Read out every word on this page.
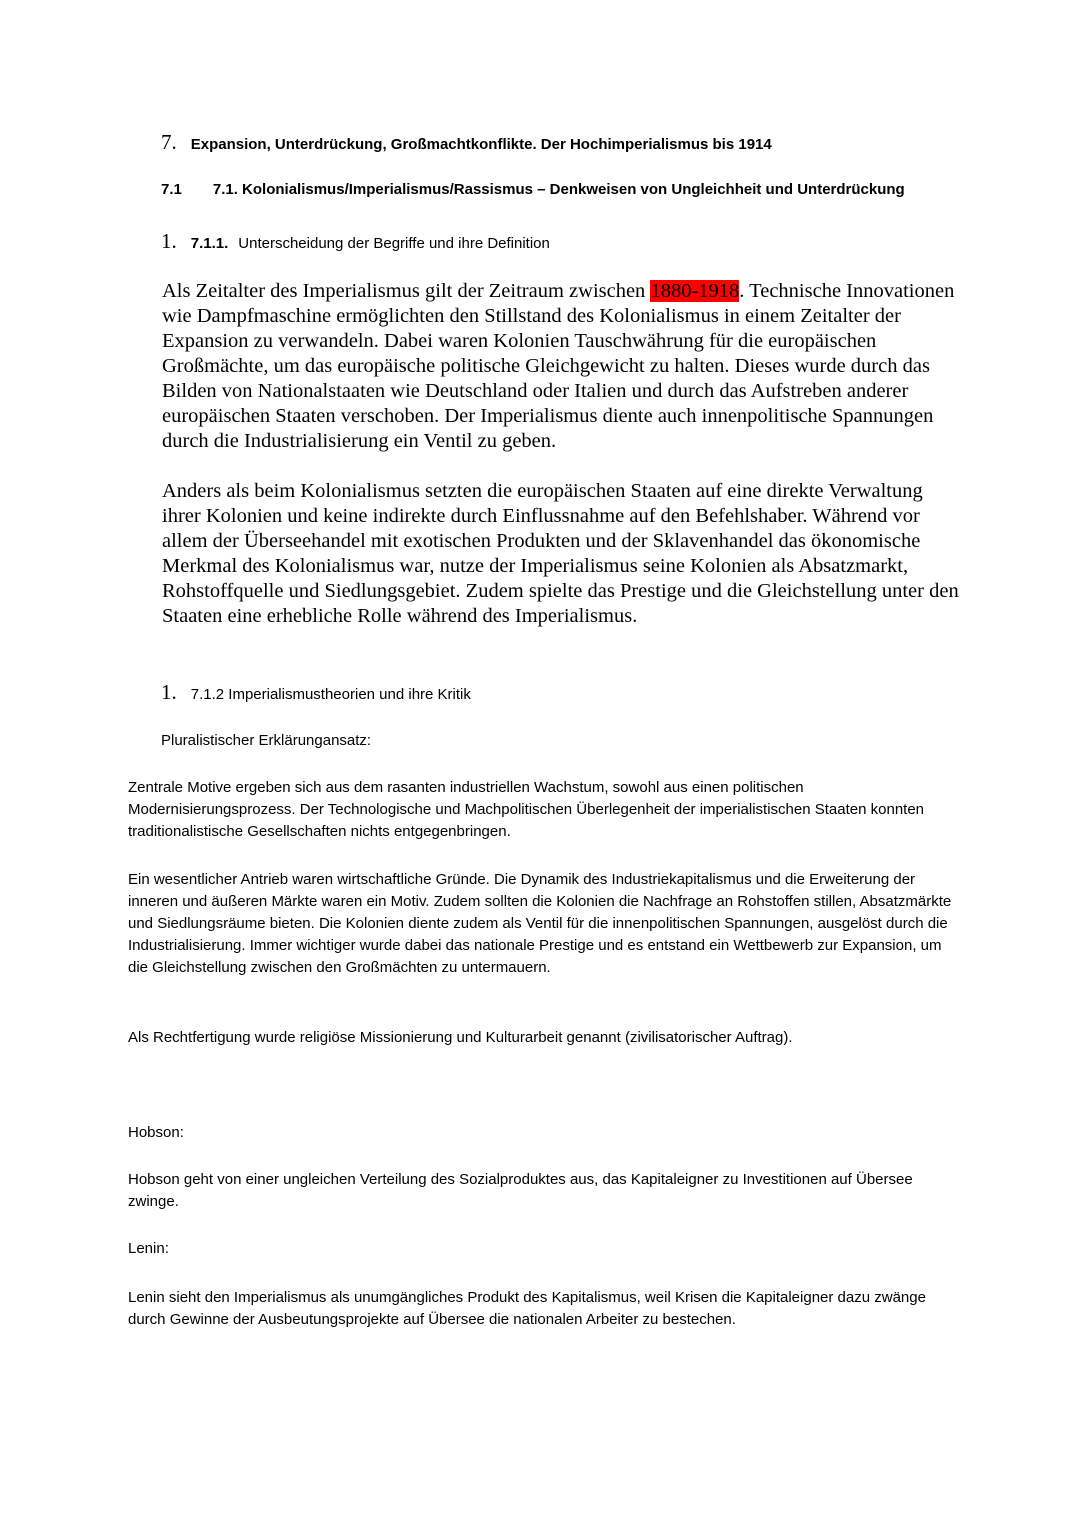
7. Expansion, Unterdrückung, Großmachtkonflikte. Der Hochimperialismus bis 1914
7.1 7.1. Kolonialismus/Imperialismus/Rassismus – Denkweisen von Ungleichheit und Unterdrückung
1. 7.1.1. Unterscheidung der Begriffe und ihre Definition

Als Zeitalter des Imperialismus gilt der Zeitraum zwischen 1880-1918. Technische Innovationen wie Dampfmaschine ermöglichten den Stillstand des Kolonialismus in einem Zeitalter der Expansion zu verwandeln. Dabei waren Kolonien Tauschwährung für die europäischen Großmächte, um das europäische politische Gleichgewicht zu halten. Dieses wurde durch das Bilden von Nationalstaaten wie Deutschland oder Italien und durch das Aufstreben anderer europäischen Staaten verschoben. Der Imperialismus diente auch innenpolitische Spannungen durch die Industrialisierung ein Ventil zu geben.

Anders als beim Kolonialismus setzten die europäischen Staaten auf eine direkte Verwaltung ihrer Kolonien und keine indirekte durch Einflussnahme auf den Befehlshaber. Während vor allem der Überseehandel mit exotischen Produkten und der Sklavenhandel das ökonomische Merkmal des Kolonialismus war, nutze der Imperialismus seine Kolonien als Absatzmarkt, Rohstoffquelle und Siedlungsgebiet. Zudem spielte das Prestige und die Gleichstellung unter den Staaten eine erhebliche Rolle während des Imperialismus.

1. 7.1.2 Imperialismustheorien und ihre Kritik
Pluralistischer Erklärungansatz:

Zentrale Motive ergeben sich aus dem rasanten industriellen Wachstum, sowohl aus einen politischen Modernisierungsprozess. Der Technologische und Machpolitischen Überlegenheit der imperialistischen Staaten konnten traditionalistische Gesellschaften nichts entgegenbringen.

Ein wesentlicher Antrieb waren wirtschaftliche Gründe. Die Dynamik des Industriekapitalismus und die Erweiterung der inneren und äußeren Märkte waren ein Motiv. Zudem sollten die Kolonien die Nachfrage an Rohstoffen stillen, Absatzmärkte und Siedlungsräume bieten. Die Kolonien diente zudem als Ventil für die innenpolitischen Spannungen, ausgelöst durch die Industrialisierung. Immer wichtiger wurde dabei das nationale Prestige und es entstand ein Wettbewerb zur Expansion, um die Gleichstellung zwischen den Großmächten zu untermauern.

Als Rechtfertigung wurde religiöse Missionierung und Kulturarbeit genannt (zivilisatorischer Auftrag).

Hobson:

Hobson geht von einer ungleichen Verteilung des Sozialproduktes aus, das Kapitaleigner zu Investitionen auf Übersee zwinge.

Lenin:

Lenin sieht den Imperialismus als unumgängliches Produkt des Kapitalismus, weil Krisen die Kapitaleigner dazu zwänge durch Gewinne der Ausbeutungsprojekte auf Übersee die nationalen Arbeiter zu bestechen.
